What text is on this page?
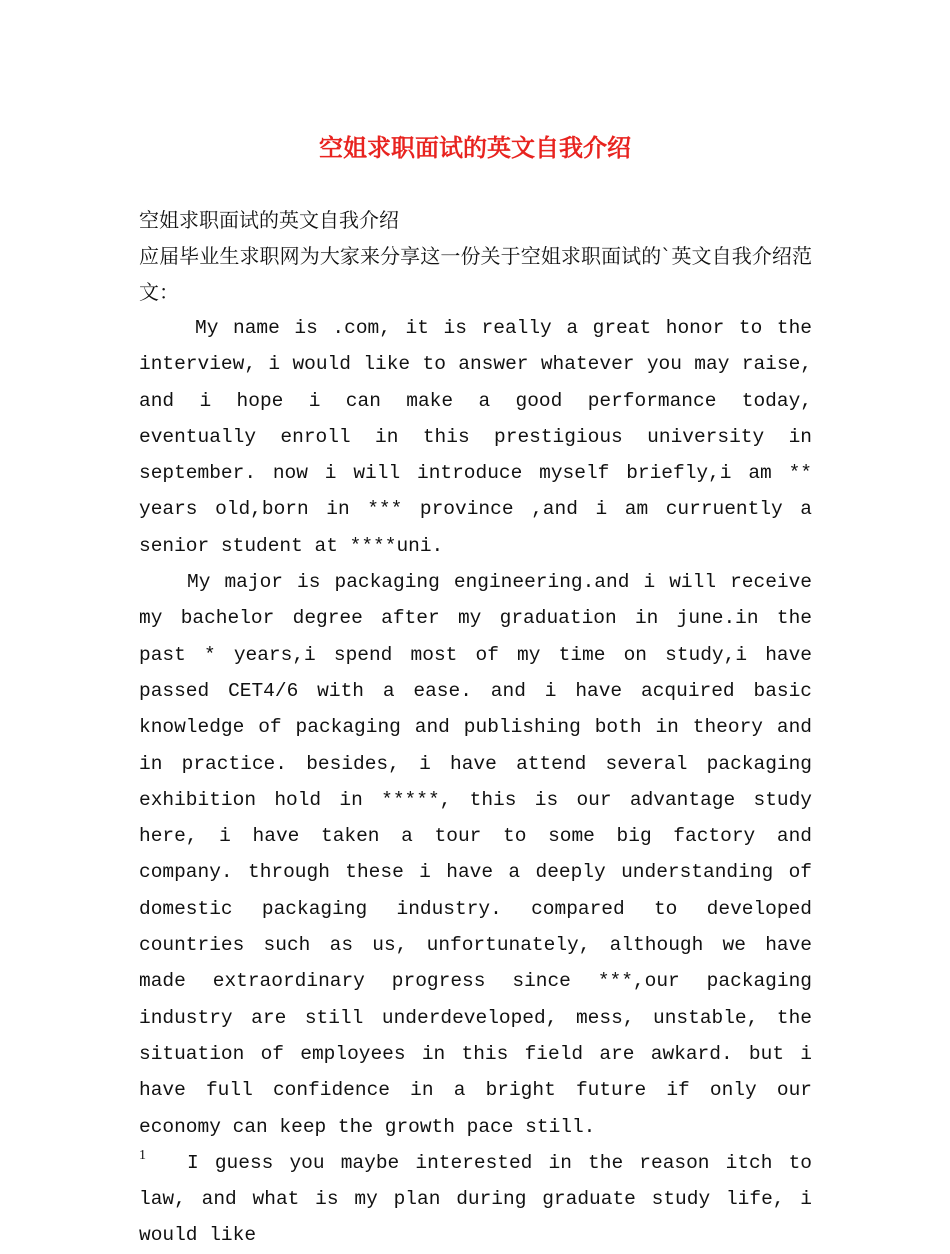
空姐求职面试的英文自我介绍

空姐求职面试的英文自我介绍

应届毕业生求职网为大家来分享这一份关于空姐求职面试的`英文自我介绍范文：

My name is .com, it is really a great honor to the interview, i would like to answer whatever you may raise, and i hope i can make a good performance today, eventually enroll in this prestigious university in september. now i will introduce myself briefly,i am ** years old,born in *** province ,and i am curruently a senior student at ****uni.

My major is packaging engineering.and i will receive my bachelor degree after my graduation in june.in the past * years,i spend most of my time on study,i have passed CET4/6 with a ease. and i have acquired basic knowledge of packaging and publishing both in theory and in practice. besides, i have attend several packaging exhibition hold in *****, this is our advantage study here, i have taken a tour to some big factory and company. through these i have a deeply understanding of domestic packaging industry. compared to developed countries such as us, unfortunately, although we have made extraordinary progress since ***,our packaging industry are still underdeveloped, mess, unstable, the situation of employees in this field are awkard. but i have full confidence in a bright future if only our economy can keep the growth pace still.

I guess you maybe interested in the reason itch to law, and what is my plan during graduate study life, i would like

1
